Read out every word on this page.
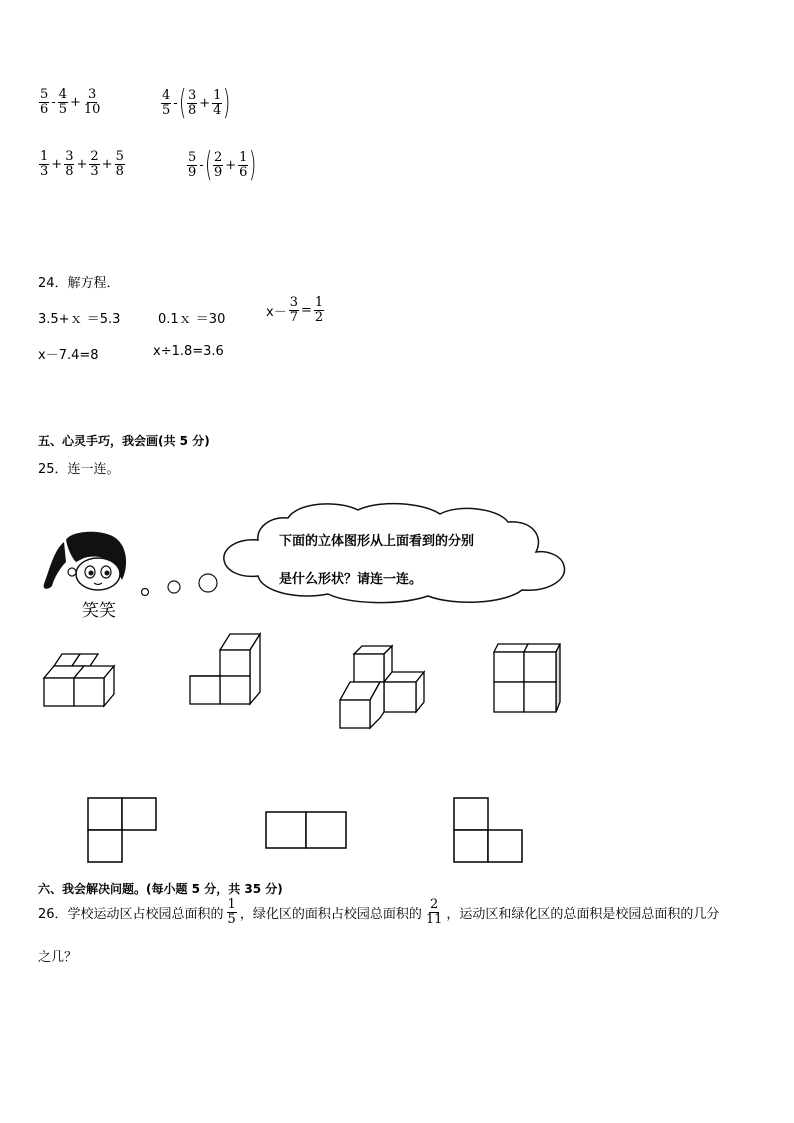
$\frac{5}{6} - \frac{4}{5} + \frac{3}{10}$	$\frac{4}{5}$ - ( $\frac{3}{8} + \frac{1}{4}$ )
$\frac{1}{3} + \frac{3}{8} + \frac{2}{3} + \frac{5}{8}$	$\frac{5}{9}$ - ( $\frac{2}{9} + \frac{1}{6}$ )
24．解方程．
3.5+ｘ ＝5.3	0.1ｘ ＝30	$x- \frac{3}{7} = \frac{1}{2}$
x－7.4=8	x÷1.8=3.6
五、心灵手巧，我会画(共 5 分)
25．连一连。
笑笑
下面的立体图形从上面看到的分别
是什么形状？请连一连。
六、我会解决问题。(每小题 5 分，共 35 分)
26．学校运动区占校园总面积的 $\frac{1}{5}$ ，绿化区的面积占校园总面积的 $\frac{2}{11}$ ，运动区和绿化区的总面积是校园总面积的几分
之几？
